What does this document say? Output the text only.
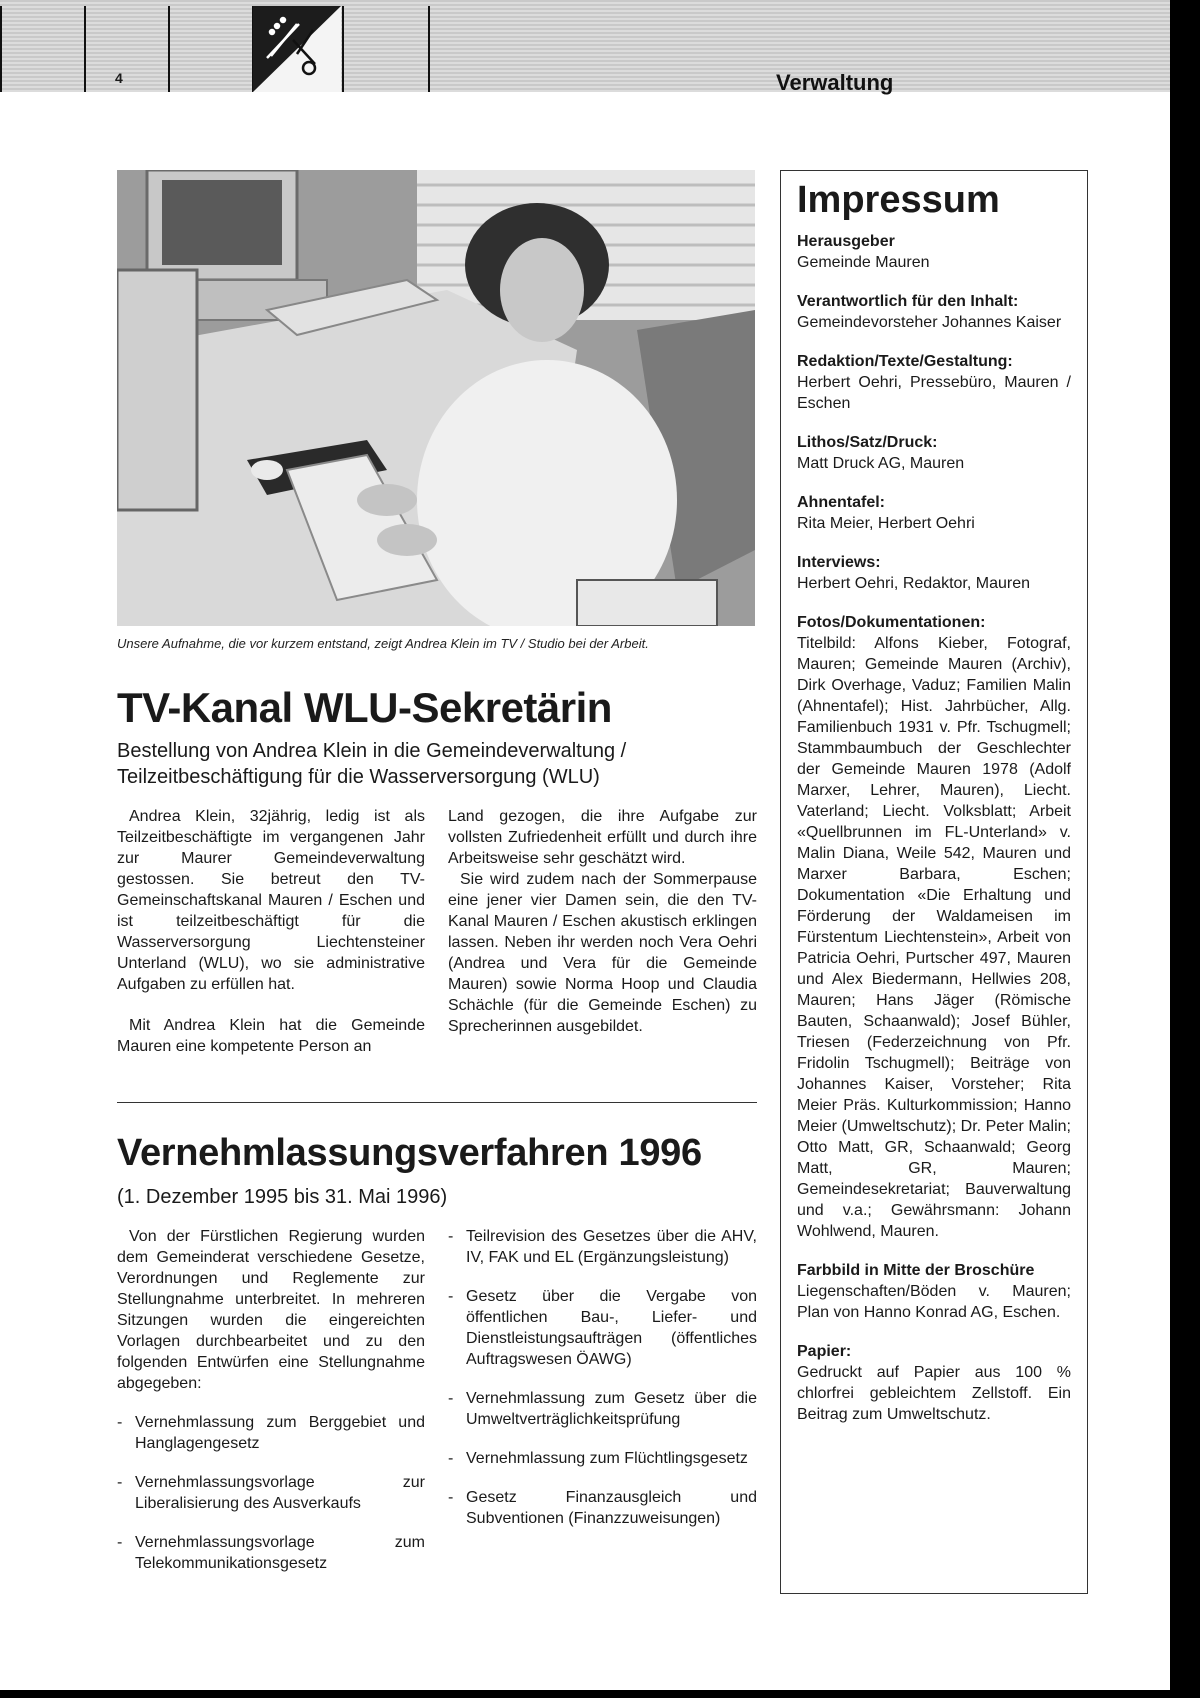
4	Verwaltung
Unsere Aufnahme, die vor kurzem entstand, zeigt Andrea Klein im TV / Studio bei der Arbeit.
TV-Kanal WLU-Sekretärin
Bestellung von Andrea Klein in die Gemeindeverwaltung / Teilzeitbeschäftigung für die Wasserversorgung (WLU)

Andrea Klein, 32jährig, ledig ist als Teilzeitbeschäftigte im vergangenen Jahr zur Maurer Gemeindeverwaltung gestossen. Sie betreut den TV-Gemeinschaftskanal Mauren / Eschen und ist teilzeitbeschäftigt für die Wasserversorgung Liechtensteiner Unterland (WLU), wo sie administrative Aufgaben zu erfüllen hat.

Mit Andrea Klein hat die Gemeinde Mauren eine kompetente Person an

Land gezogen, die ihre Aufgabe zur vollsten Zufriedenheit erfüllt und durch ihre Arbeitsweise sehr geschätzt wird.

Sie wird zudem nach der Sommerpause eine jener vier Damen sein, die den TV-Kanal Mauren / Eschen akustisch erklingen lassen. Neben ihr werden noch Vera Oehri (Andrea und Vera für die Gemeinde Mauren) sowie Norma Hoop und Claudia Schächle (für die Gemeinde Eschen) zu Sprecherinnen ausgebildet.

Vernehmlassungsverfahren 1996
(1. Dezember 1995 bis 31. Mai 1996)

Von der Fürstlichen Regierung wurden dem Gemeinderat verschiedene Gesetze, Verordnungen und Reglemente zur Stellungnahme unterbreitet. In mehreren Sitzungen wurden die eingereichten Vorlagen durchbearbeitet und zu den folgenden Entwürfen eine Stellungnahme abgegeben:

- Vernehmlassung zum Berggebiet und Hanglagengesetz
- Vernehmlassungsvorlage zur Liberalisierung des Ausverkaufs
- Vernehmlassungsvorlage zum Telekommunikationsgesetz
- Teilrevision des Gesetzes über die AHV, IV, FAK und EL (Ergänzungsleistung)
- Gesetz über die Vergabe von öffentlichen Bau-, Liefer- und Dienstleistungsaufträgen (öffentliches Auftragswesen ÖAWG)
- Vernehmlassung zum Gesetz über die Umweltverträglichkeitsprüfung
- Vernehmlassung zum Flüchtlingsgesetz
- Gesetz Finanzausgleich und Subventionen (Finanzzuweisungen)
Impressum
Herausgeber
Gemeinde Mauren
Verantwortlich für den Inhalt:
Gemeindevorsteher Johannes Kaiser
Redaktion/Texte/Gestaltung:
Herbert Oehri, Pressebüro, Mauren / Eschen
Lithos/Satz/Druck:
Matt Druck AG, Mauren
Ahnentafel:
Rita Meier, Herbert Oehri
Interviews:
Herbert Oehri, Redaktor, Mauren
Fotos/Dokumentationen:
Titelbild: Alfons Kieber, Fotograf, Mauren; Gemeinde Mauren (Archiv), Dirk Overhage, Vaduz; Familien Malin (Ahnentafel); Hist. Jahrbücher, Allg. Familienbuch 1931 v. Pfr. Tschugmell; Stammbaumbuch der Geschlechter der Gemeinde Mauren 1978 (Adolf Marxer, Lehrer, Mauren), Liecht. Vaterland; Liecht. Volksblatt; Arbeit «Quellbrunnen im FL-Unterland» v. Malin Diana, Weile 542, Mauren und Marxer Barbara, Eschen; Dokumentation «Die Erhaltung und Förderung der Waldameisen im Fürstentum Liechtenstein», Arbeit von Patricia Oehri, Purtscher 497, Mauren und Alex Biedermann, Hellwies 208, Mauren; Hans Jäger (Römische Bauten, Schaanwald); Josef Bühler, Triesen (Federzeichnung von Pfr. Fridolin Tschugmell); Beiträge von Johannes Kaiser, Vorsteher; Rita Meier Präs. Kulturkommission; Hanno Meier (Umweltschutz); Dr. Peter Malin; Otto Matt, GR, Schaanwald; Georg Matt, GR, Mauren; Gemeindesekretariat; Bauverwaltung und v.a.; Gewährsmann: Johann Wohlwend, Mauren.
Farbbild in Mitte der Broschüre
Liegenschaften/Böden v. Mauren; Plan von Hanno Konrad AG, Eschen.
Papier:
Gedruckt auf Papier aus 100 % chlorfrei gebleichtem Zellstoff. Ein Beitrag zum Umweltschutz.
